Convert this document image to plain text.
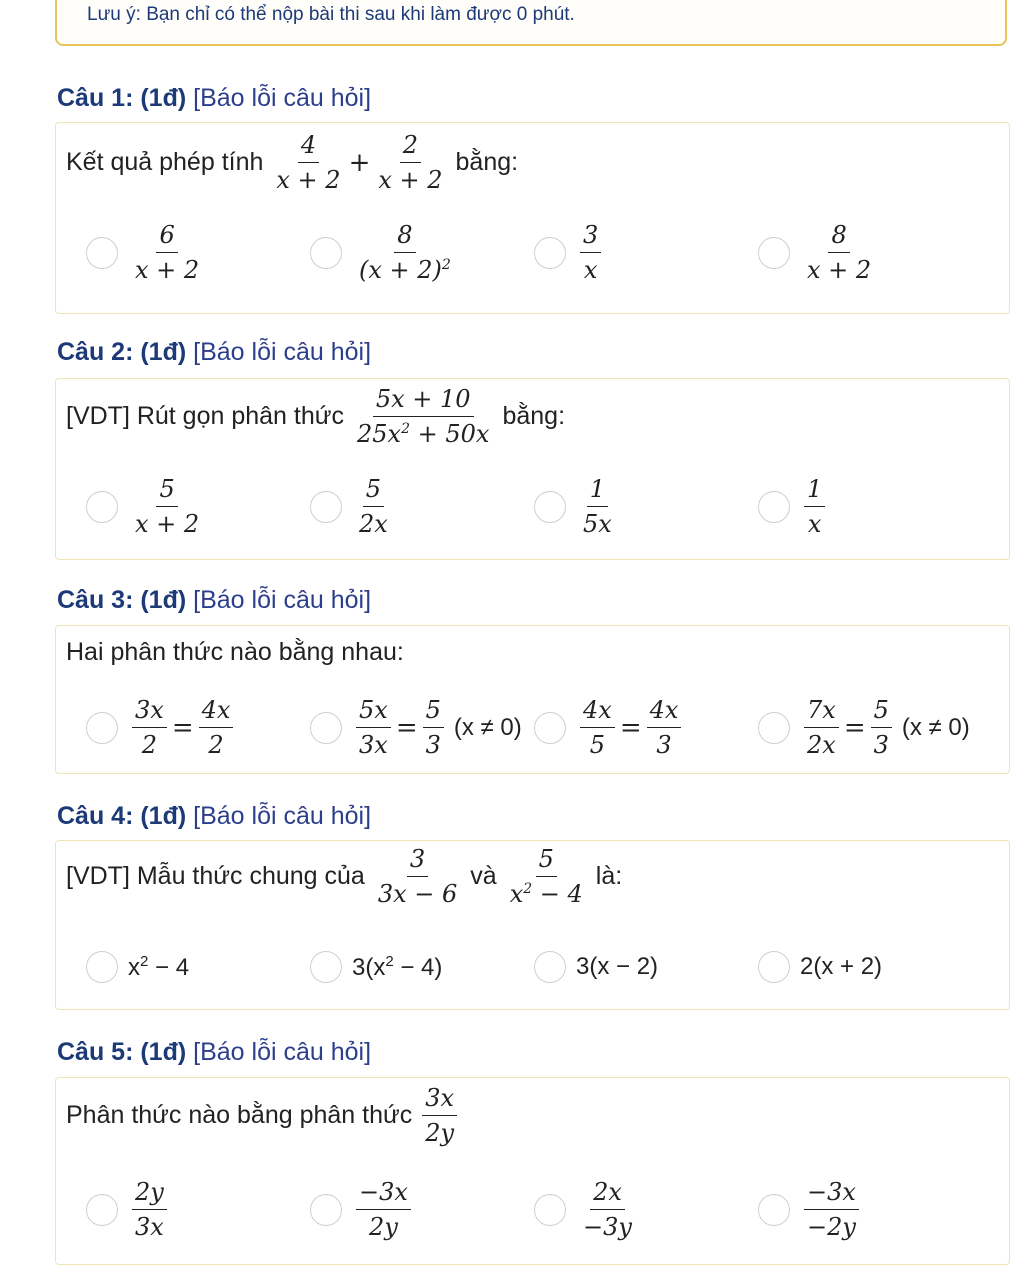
Lưu ý: Bạn chỉ có thể nộp bài thi sau khi làm được 0 phút.
Câu 1: (1đ) [Báo lỗi câu hỏi]
Kết quả phép tính $\frac{4}{x + 2} + \frac{2}{x + 2}$ bằng:
$\frac{6}{x + 2}$	$\frac{8}{(x + 2)^2}$	$\frac{3}{x}$	$\frac{8}{x + 2}$
Câu 2: (1đ) [Báo lỗi câu hỏi]
[VDT] Rút gọn phân thức $\frac{5x + 10}{25x^2 + 50x}$ bằng:
$\frac{5}{x + 2}$	$\frac{5}{2x}$	$\frac{1}{5x}$	$\frac{1}{x}$
Câu 3: (1đ) [Báo lỗi câu hỏi]
Hai phân thức nào bằng nhau:
$\frac{3x}{2} = \frac{4x}{2}$	$\frac{5x}{3x} = \frac{5}{3} (x \ne 0) \frac{4x}{5} = \frac{4x}{3}$	$\frac{7x}{2x} = \frac{5}{3} (x \ne 0)$
Câu 4: (1đ) [Báo lỗi câu hỏi]
[VDT] Mẫu thức chung của $\frac{3}{3x - 6}$ và $\frac{5}{x^2 - 4}$ là:
$x^2 - 4$	$3(x^2 - 4)$	3(x − 2)	2(x + 2)
Câu 5: (1đ) [Báo lỗi câu hỏi]
Phân thức nào bằng phân thức $\frac{3x}{2y}$
$\frac{2y}{3x}$	$\frac{-3x}{2y}$	$\frac{2x}{-3y}$	$\frac{-3x}{-2y}$
